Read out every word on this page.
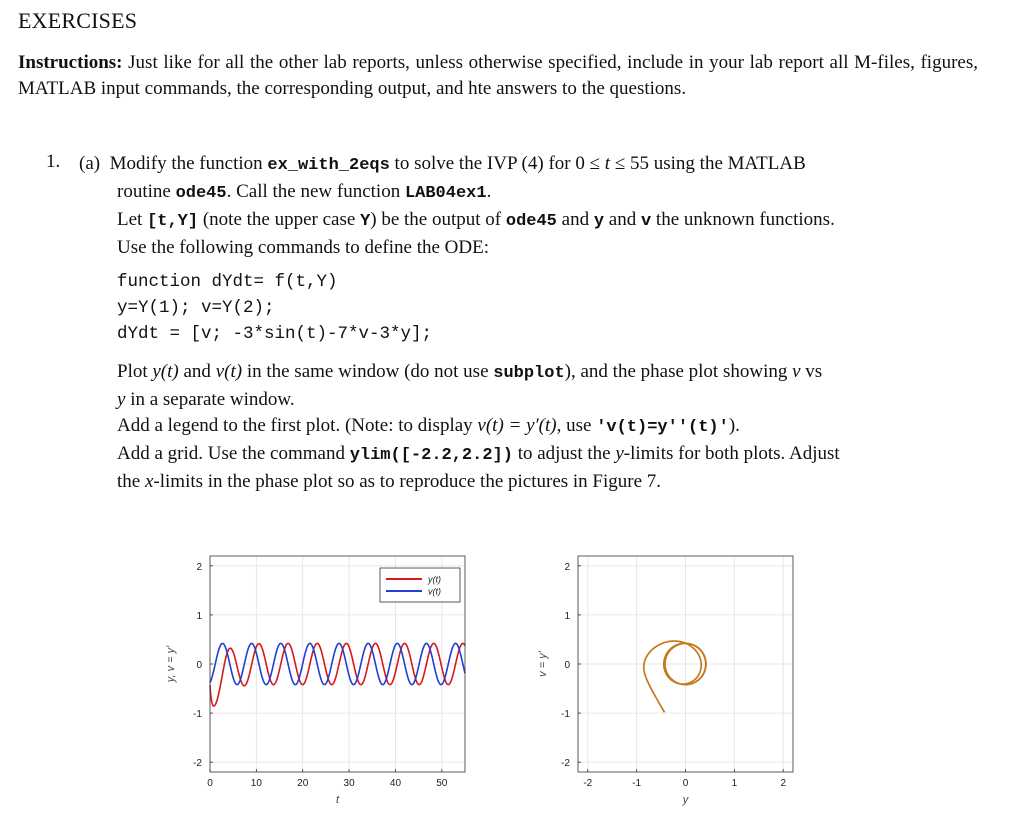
EXERCISES
Instructions: Just like for all the other lab reports, unless otherwise specified, include in your lab report all M-files, figures, MATLAB input commands, the corresponding output, and hte answers to the questions.
1. (a) Modify the function ex_with_2eqs to solve the IVP (4) for 0 ≤ t ≤ 55 using the MATLAB

routine ode45. Call the new function LAB04ex1.

Let [t,Y] (note the upper case Y) be the output of ode45 and y and v the unknown functions.

Use the following commands to define the ODE:

function dYdt= f(t,Y)
y=Y(1); v=Y(2);
dYdt = [v; -3*sin(t)-7*v-3*y];

Plot y(t) and v(t) in the same window (do not use subplot), and the phase plot showing v vs

y in a separate window.

Add a legend to the first plot. (Note: to display v(t) = y′(t), use 'v(t)=y''(t)').

Add a grid. Use the command ylim([-2.2,2.2]) to adjust the y-limits for both plots. Adjust

the x-limits in the phase plot so as to reproduce the pictures in Figure 7.

0	10	20	30	40	50
2
1
0
-1
-2
y(t)
v(t)
t
y, v = y′
-2	-1	0	1	2
2
1
0
-1
-2
y
v = y′
